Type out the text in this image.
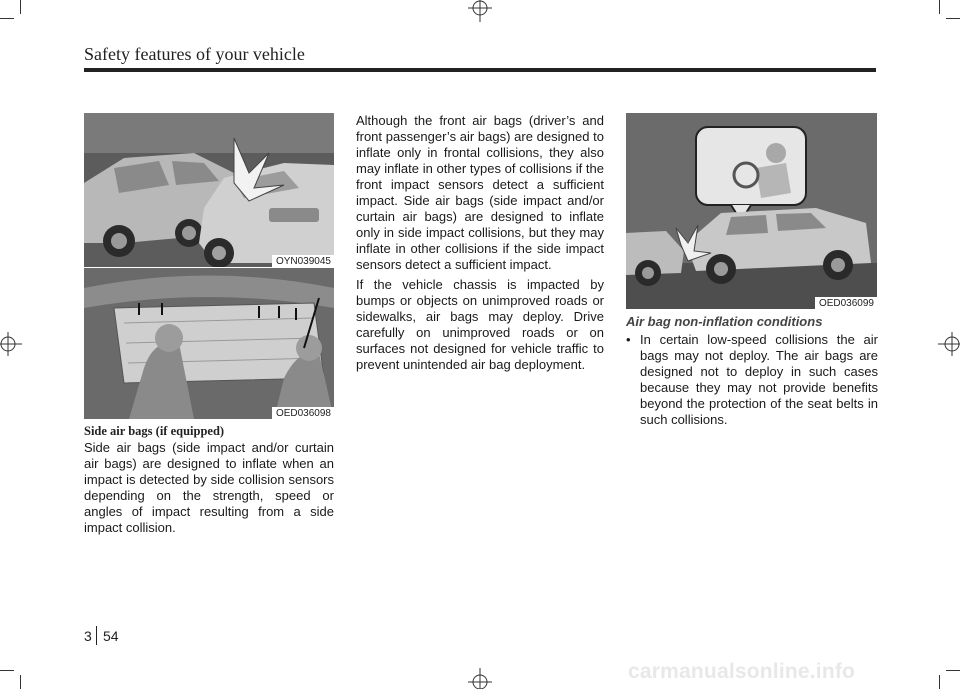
Safety features of your vehicle
OYN039045
OED036098
Side air bags (if equipped)

Side air bags (side impact and/or curtain air bags) are designed to inflate when an impact is detected by side collision sensors depending on the strength, speed or angles of impact resulting from a side impact collision.

Although the front air bags (driver’s and front passenger’s air bags) are designed to inflate only in frontal collisions, they also may inflate in other types of collisions if the front impact sensors detect a sufficient impact. Side air bags (side impact and/or curtain air bags) are designed to inflate only in side impact collisions, but they may inflate in other collisions if the side impact sensors detect a sufficient impact.

If the vehicle chassis is impacted by bumps or objects on unimproved roads or sidewalks, air bags may deploy. Drive carefully on unimproved roads or on surfaces not designed for vehicle traffic to prevent unintended air bag deployment.

OED036099
Air bag non-inflation conditions
• In certain low-speed collisions the air bags may not deploy. The air bags are designed not to deploy in such cases because they may not provide benefits beyond the protection of the seat belts in such collisions.
3 54
carmanualsonline.info
